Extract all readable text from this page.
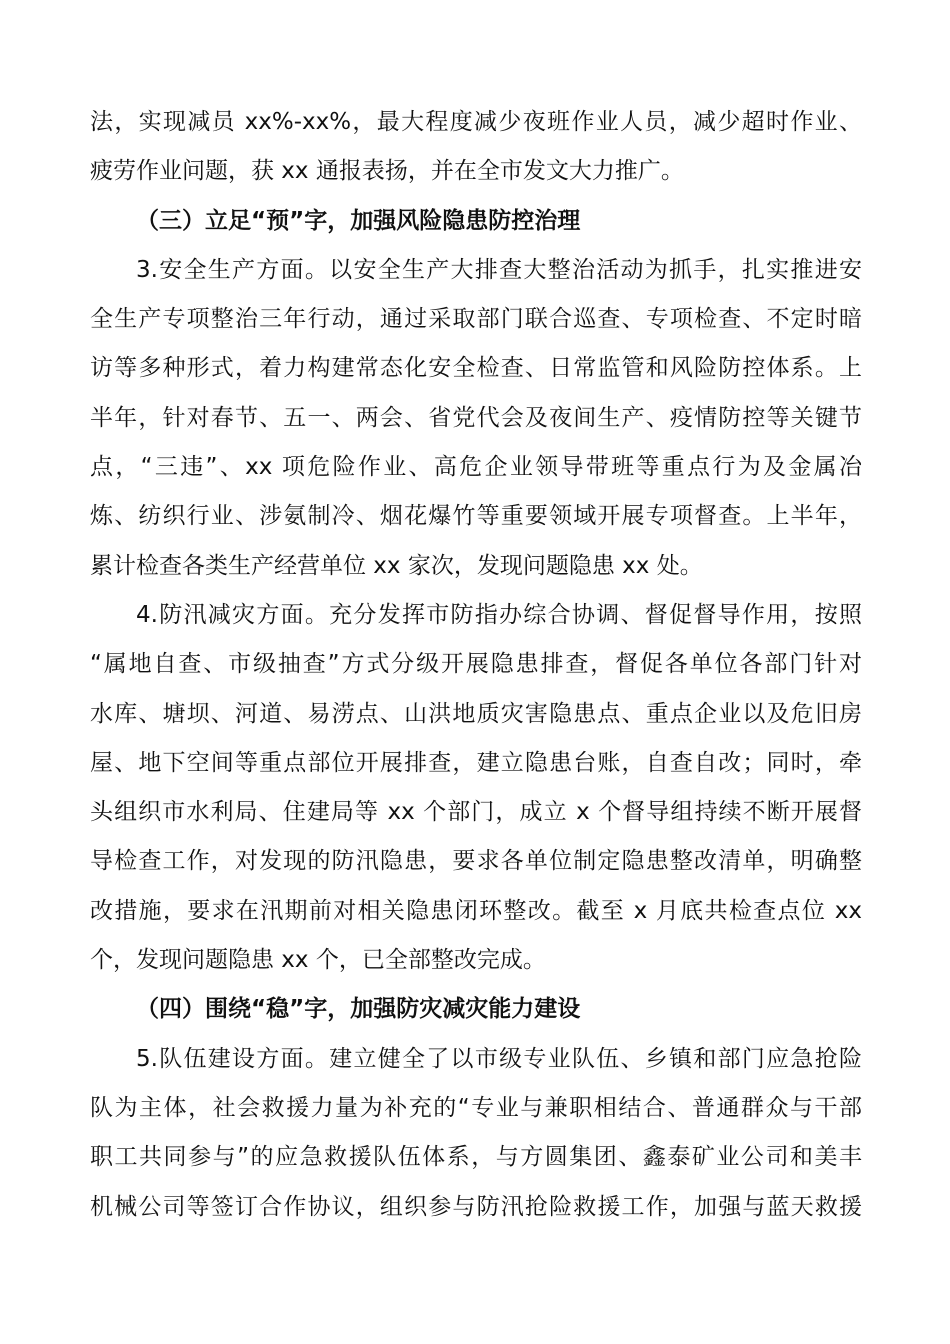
法，实现减员 xx%-xx%，最大程度减少夜班作业人员，减少超时作业、
疲劳作业问题，获 xx 通报表扬，并在全市发文大力推广。
（三）立足“预”字，加强风险隐患防控治理
3.安全生产方面。以安全生产大排查大整治活动为抓手，扎实推进安
全生产专项整治三年行动，通过采取部门联合巡查、专项检查、不定时暗
访等多种形式，着力构建常态化安全检查、日常监管和风险防控体系。上
半年，针对春节、五一、两会、省党代会及夜间生产、疫情防控等关键节
点，“三违”、xx 项危险作业、高危企业领导带班等重点行为及金属冶
炼、纺织行业、涉氨制冷、烟花爆竹等重要领域开展专项督查。上半年，
累计检查各类生产经营单位 xx 家次，发现问题隐患 xx 处。
4.防汛减灾方面。充分发挥市防指办综合协调、督促督导作用，按照
“属地自查、市级抽查”方式分级开展隐患排查，督促各单位各部门针对
水库、塘坝、河道、易涝点、山洪地质灾害隐患点、重点企业以及危旧房
屋、地下空间等重点部位开展排查，建立隐患台账，自查自改；同时，牵
头组织市水利局、住建局等 xx 个部门，成立 x 个督导组持续不断开展督
导检查工作，对发现的防汛隐患，要求各单位制定隐患整改清单，明确整
改措施，要求在汛期前对相关隐患闭环整改。截至 x 月底共检查点位 xx
个，发现问题隐患 xx 个，已全部整改完成。
（四）围绕“稳”字，加强防灾减灾能力建设
5.队伍建设方面。建立健全了以市级专业队伍、乡镇和部门应急抢险
队为主体，社会救援力量为补充的“专业与兼职相结合、普通群众与干部
职工共同参与”的应急救援队伍体系，与方圆集团、鑫泰矿业公司和美丰
机械公司等签订合作协议，组织参与防汛抢险救援工作，加强与蓝天救援
